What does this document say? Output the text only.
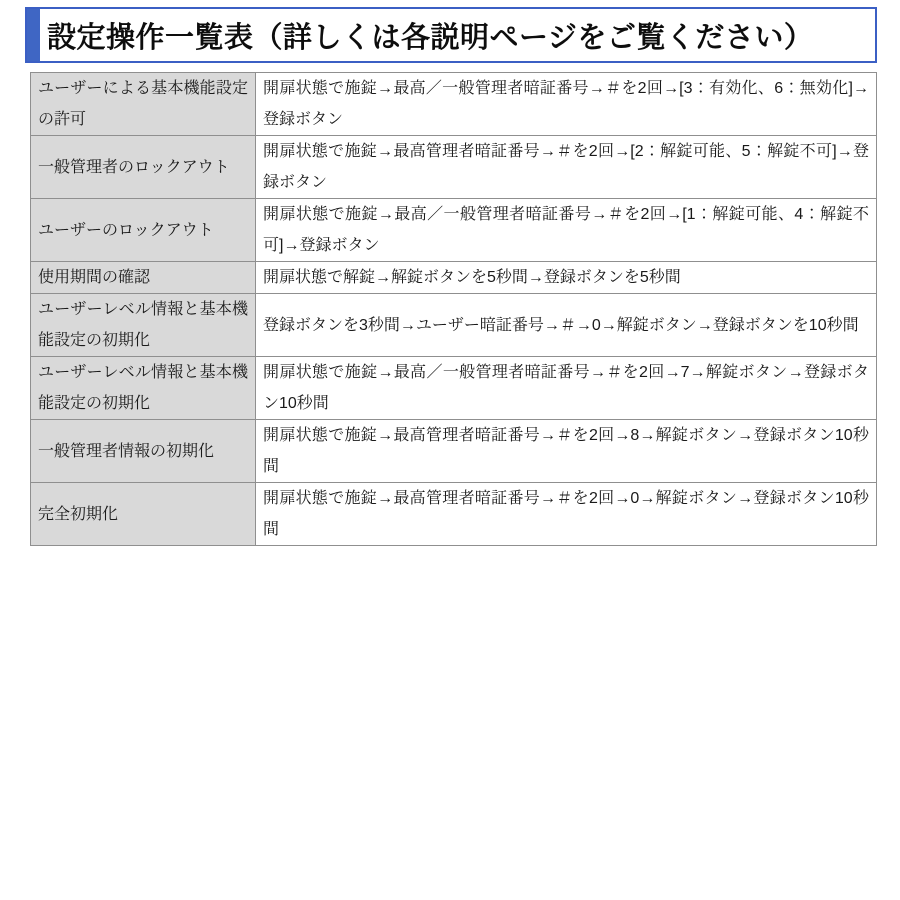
設定操作一覧表（詳しくは各説明ページをご覧ください）
ユーザーによる基本機能設定の許可	開扉状態で施錠→最高／一般管理者暗証番号→＃を2回→[3：有効化、6：無効化]→登録ボタン
一般管理者のロックアウト	開扉状態で施錠→最高管理者暗証番号→＃を2回→[2：解錠可能、5：解錠不可]→登録ボタン
ユーザーのロックアウト	開扉状態で施錠→最高／一般管理者暗証番号→＃を2回→[1：解錠可能、4：解錠不可]→登録ボタン
使用期間の確認	開扉状態で解錠→解錠ボタンを5秒間→登録ボタンを5秒間
ユーザーレベル情報と基本機能設定の初期化	登録ボタンを3秒間→ユーザー暗証番号→＃→0→解錠ボタン→登録ボタンを10秒間
ユーザーレベル情報と基本機能設定の初期化	開扉状態で施錠→最高／一般管理者暗証番号→＃を2回→7→解錠ボタン→登録ボタン10秒間
一般管理者情報の初期化	開扉状態で施錠→最高管理者暗証番号→＃を2回→8→解錠ボタン→登録ボタン10秒間
完全初期化	開扉状態で施錠→最高管理者暗証番号→＃を2回→0→解錠ボタン→登録ボタン10秒間
